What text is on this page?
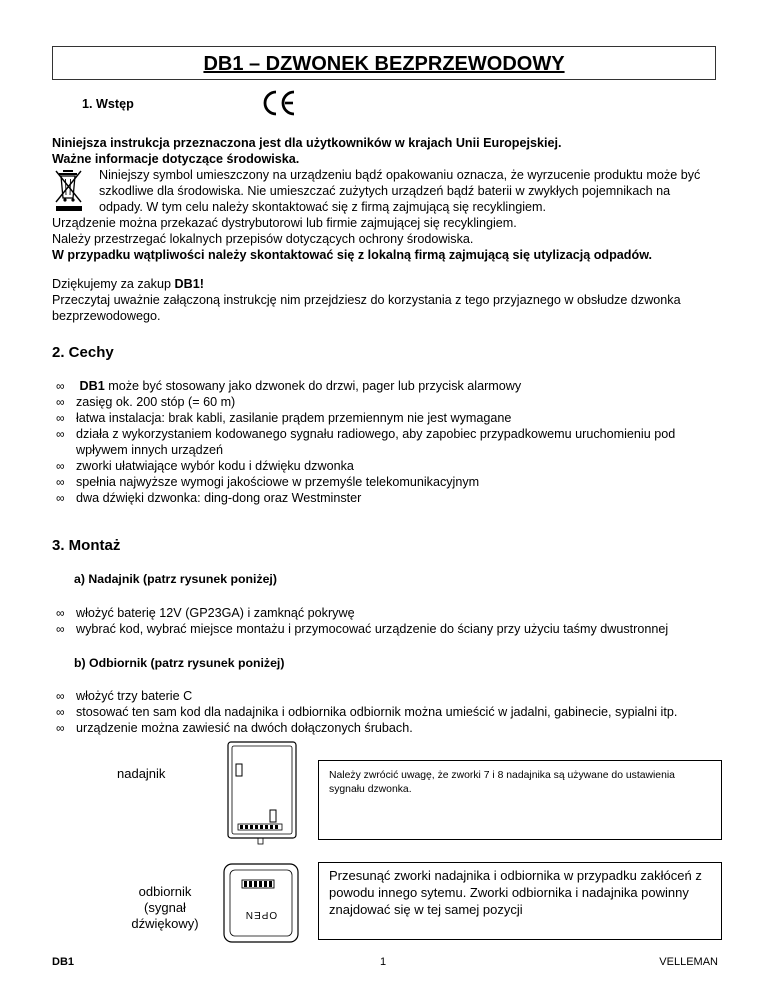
DB1 – DZWONEK BEZPRZEWODOWY
1. Wstęp

Niniejsza instrukcja przeznaczona jest dla użytkowników w krajach Unii Europejskiej.

Ważne informacje dotyczące środowiska.

Niniejszy symbol umieszczony na urządzeniu bądź opakowaniu oznacza, że wyrzucenie produktu może być

szkodliwe dla środowiska. Nie umieszczać zużytych urządzeń bądź baterii w zwykłych pojemnikach na

odpady. W tym celu należy skontaktować się z firmą zajmującą się recyklingiem.

Urządzenie można przekazać dystrybutorowi lub firmie zajmującej się recyklingiem.

Należy przestrzegać lokalnych przepisów dotyczących ochrony środowiska.

W przypadku wątpliwości należy skontaktować się z lokalną firmą zajmującą się utylizacją odpadów.

Dziękujemy za zakup DB1!

Przeczytaj uważnie załączoną instrukcję nim przejdziesz do korzystania z tego przyjaznego w obsłudze dzwonka

bezprzewodowego.

2. Cechy
∞ DB1 może być stosowany jako dzwonek do drzwi, pager lub przycisk alarmowy
∞ zasięg ok. 200 stóp (= 60 m)
∞ łatwa instalacja: brak kabli, zasilanie prądem przemiennym nie jest wymagane
∞ działa z wykorzystaniem kodowanego sygnału radiowego, aby zapobiec przypadkowemu uruchomieniu pod
wpływem innych urządzeń
∞ zworki ułatwiające wybór kodu i dźwięku dzwonka
∞ spełnia najwyższe wymogi jakościowe w przemyśle telekomunikacyjnym
∞ dwa dźwięki dzwonka: ding-dong oraz Westminster
3. Montaż
a) Nadajnik (patrz rysunek poniżej)
∞ włożyć baterię 12V (GP23GA) i zamknąć pokrywę
∞ wybrać kod, wybrać miejsce montażu i przymocować urządzenie do ściany przy użyciu taśmy dwustronnej
b) Odbiornik (patrz rysunek poniżej)
∞ włożyć trzy baterie C
∞ stosować ten sam kod dla nadajnika i odbiornika odbiornik można umieścić w jadalni, gabinecie, sypialni itp.
∞ urządzenie można zawiesić na dwóch dołączonych śrubach.
nadajnik	Należy zwrócić uwagę, że zworki 7 i 8 nadajnika są używane do ustawienia sygnału dzwonka.
odbiornik
(sygnał
dźwiękowy)
OPEN
Przesunąć zworki nadajnika i odbiornika w przypadku zakłóceń z powodu innego sytemu. Zworki odbiornika i nadajnika powinny znajdować się w tej samej pozycji
DB1	1	VELLEMAN
